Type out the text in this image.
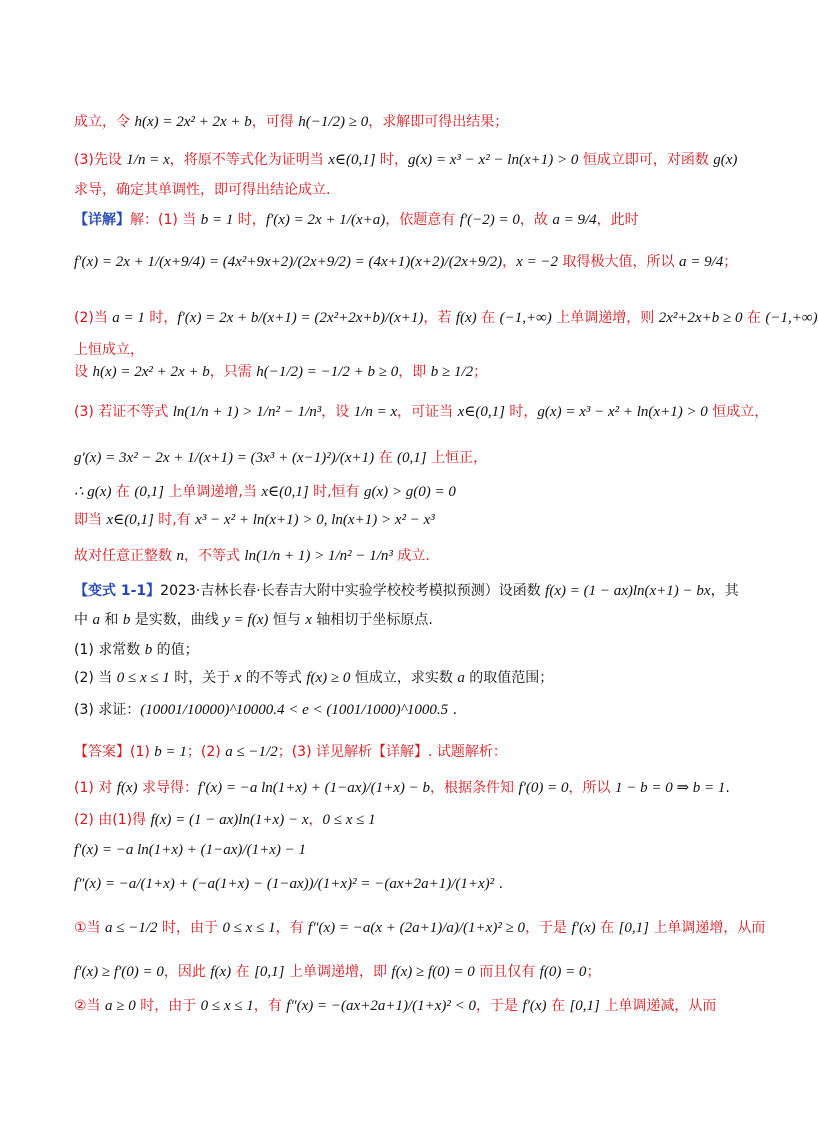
成立，令 h(x) = 2x² + 2x + b，可得 h(−1/2) ≥ 0，求解即可得出结果；
(3)先设 1/n = x，将原不等式化为证明当 x∈(0,1] 时，g(x) = x³ − x² − ln(x+1) > 0 恒成立即可，对函数 g(x)
求导，确定其单调性，即可得出结论成立.
【详解】解：(1) 当 b = 1 时，f′(x) = 2x + 1/(x+a)，依题意有 f′(−2) = 0，故 a = 9/4，此时
f′(x) = 2x + 1/(x+9/4) = (4x²+9x+2)/(2x+9/2) = (4x+1)(x+2)/(2x+9/2)，x = −2 取得极大值，所以 a = 9/4；
(2)当 a = 1 时，f′(x) = 2x + b/(x+1) = (2x²+2x+b)/(x+1)，若 f(x) 在 (−1,+∞) 上单调递增，则 2x²+2x+b ≥ 0 在 (−1,+∞)
上恒成立，
设 h(x) = 2x² + 2x + b，只需 h(−1/2) = −1/2 + b ≥ 0，即 b ≥ 1/2；
(3) 若证不等式 ln(1/n + 1) > 1/n² − 1/n³，设 1/n = x，可证当 x∈(0,1] 时，g(x) = x³ − x² + ln(x+1) > 0 恒成立，
g′(x) = 3x² − 2x + 1/(x+1) = (3x³ + (x−1)²)/(x+1) 在 (0,1] 上恒正，
∴ g(x) 在 (0,1] 上单调递增,当 x∈(0,1] 时,恒有 g(x) > g(0) = 0
即当 x∈(0,1] 时,有 x³ − x² + ln(x+1) > 0, ln(x+1) > x² − x³
故对任意正整数 n，不等式 ln(1/n + 1) > 1/n² − 1/n³ 成立.
【变式 1-1】2023·吉林长春·长春吉大附中实验学校校考模拟预测）设函数 f(x) = (1 − ax)ln(x+1) − bx，其
中 a 和 b 是实数，曲线 y = f(x) 恒与 x 轴相切于坐标原点.
(1) 求常数 b 的值；
(2) 当 0 ≤ x ≤ 1 时，关于 x 的不等式 f(x) ≥ 0 恒成立，求实数 a 的取值范围；
(3) 求证：(10001/10000)^10000.4 < e < (1001/1000)^1000.5 .
【答案】(1) b = 1；(2) a ≤ −1/2；(3) 详见解析【详解】. 试题解析：
(1) 对 f(x) 求导得：f′(x) = −a ln(1+x) + (1−ax)/(1+x) − b，根据条件知 f′(0) = 0，所以 1 − b = 0 ⇒ b = 1.
(2) 由(1)得 f(x) = (1 − ax)ln(1+x) − x，0 ≤ x ≤ 1
f′(x) = −a ln(1+x) + (1−ax)/(1+x) − 1
f″(x) = −a/(1+x) + (−a(1+x) − (1−ax))/(1+x)² = −(ax+2a+1)/(1+x)² .
①当 a ≤ −1/2 时，由于 0 ≤ x ≤ 1，有 f″(x) = −a(x + (2a+1)/a)/(1+x)² ≥ 0，于是 f′(x) 在 [0,1] 上单调递增，从而
f′(x) ≥ f′(0) = 0，因此 f(x) 在 [0,1] 上单调递增，即 f(x) ≥ f(0) = 0 而且仅有 f(0) = 0；
②当 a ≥ 0 时，由于 0 ≤ x ≤ 1，有 f″(x) = −(ax+2a+1)/(1+x)² < 0，于是 f′(x) 在 [0,1] 上单调递减，从而
